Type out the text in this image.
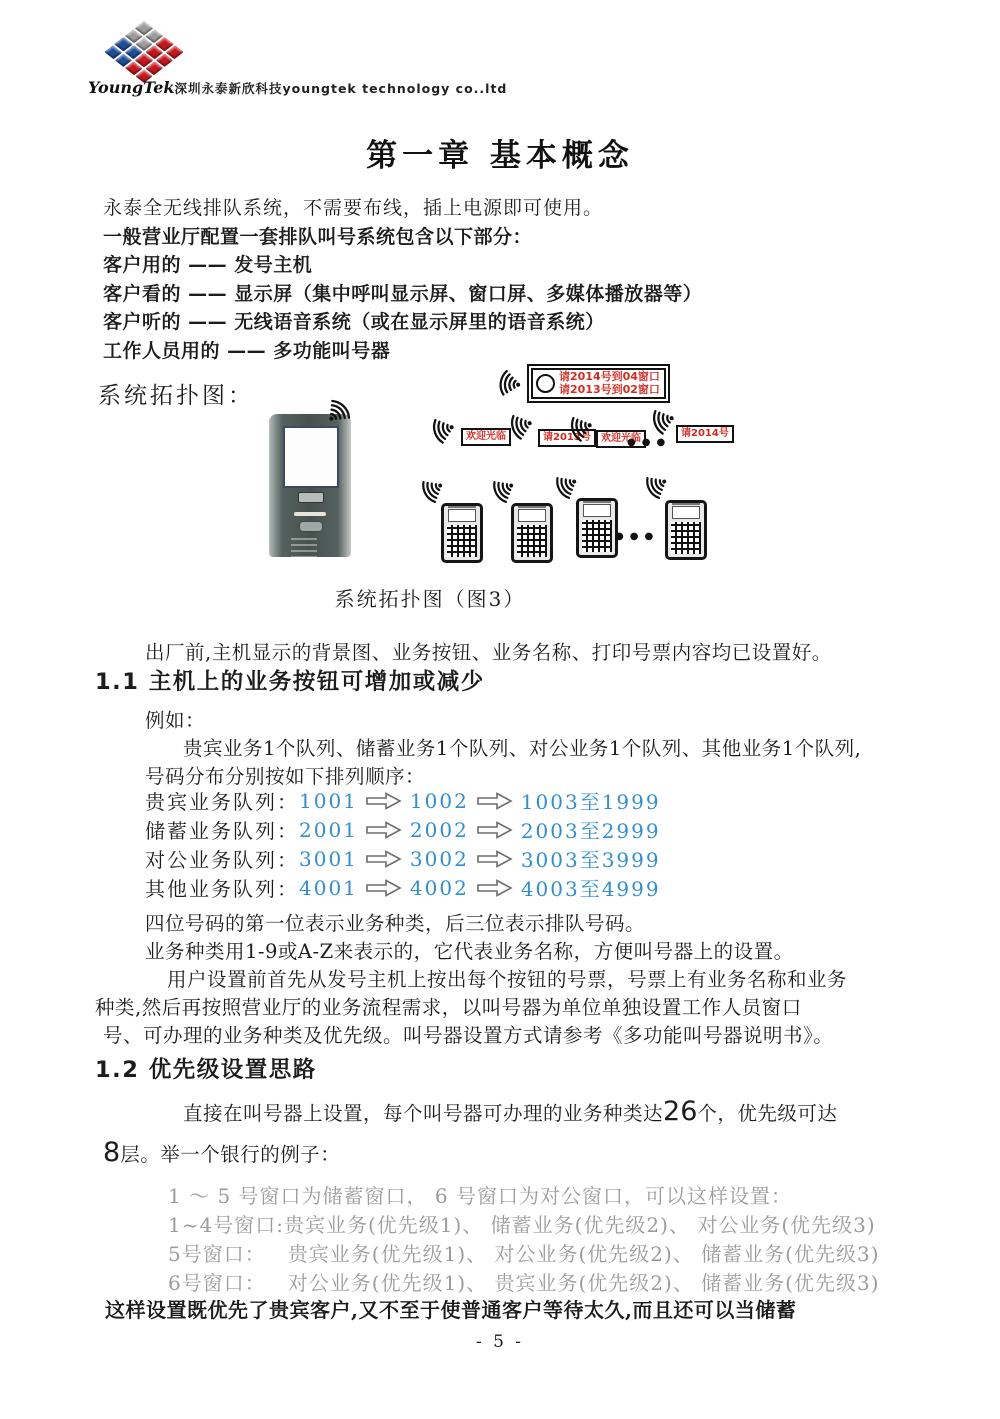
YoungTek深圳永泰新欣科技youngtek technology co..ltd
第一章 基本概念

永泰全无线排队系统，不需要布线，插上电源即可使用。

一般营业厅配置一套排队叫号系统包含以下部分：

客户用的 —— 发号主机

客户看的 —— 显示屏（集中呼叫显示屏、窗口屏、多媒体播放器等）

客户听的 —— 无线语音系统（或在显示屏里的语音系统）

工作人员用的 —— 多功能叫号器

系统拓扑图：
请2014号到04窗口
请2013号到02窗口
欢迎光临	请2013号	欢迎光临
●●●
请2014号
●●●
系统拓扑图（图3）
出厂前,主机显示的背景图、业务按钮、业务名称、打印号票内容均已设置好。
1.1 主机上的业务按钮可增加或减少
例如：
贵宾业务1个队列、储蓄业务1个队列、对公业务1个队列、其他业务1个队列,
号码分布分别按如下排列顺序：
贵宾业务队列： 1001	1002	1003至1999
储蓄业务队列： 2001	2002	2003至2999
对公业务队列： 3001	3002	3003至3999
其他业务队列： 4001	4002	4003至4999
四位号码的第一位表示业务种类，后三位表示排队号码。
业务种类用1-9或A-Z来表示的，它代表业务名称，方便叫号器上的设置。
用户设置前首先从发号主机上按出每个按钮的号票，号票上有业务名称和业务
种类,然后再按照营业厅的业务流程需求，以叫号器为单位单独设置工作人员窗口
号、可办理的业务种类及优先级。叫号器设置方式请参考《多功能叫号器说明书》。
1.2 优先级设置思路
直接在叫号器上设置，每个叫号器可办理的业务种类达26个，优先级可达
8层。举一个银行的例子：
1 ～ 5 号窗口为储蓄窗口， 6 号窗口为对公窗口，可以这样设置：
1~4号窗口:贵宾业务(优先级1)、 储蓄业务(优先级2)、 对公业务(优先级3)
5号窗口：   贵宾业务(优先级1)、 对公业务(优先级2)、 储蓄业务(优先级3)
6号窗口：   对公业务(优先级1)、 贵宾业务(优先级2)、 储蓄业务(优先级3)
这样设置既优先了贵宾客户,又不至于使普通客户等待太久,而且还可以当储蓄
- 5 -
